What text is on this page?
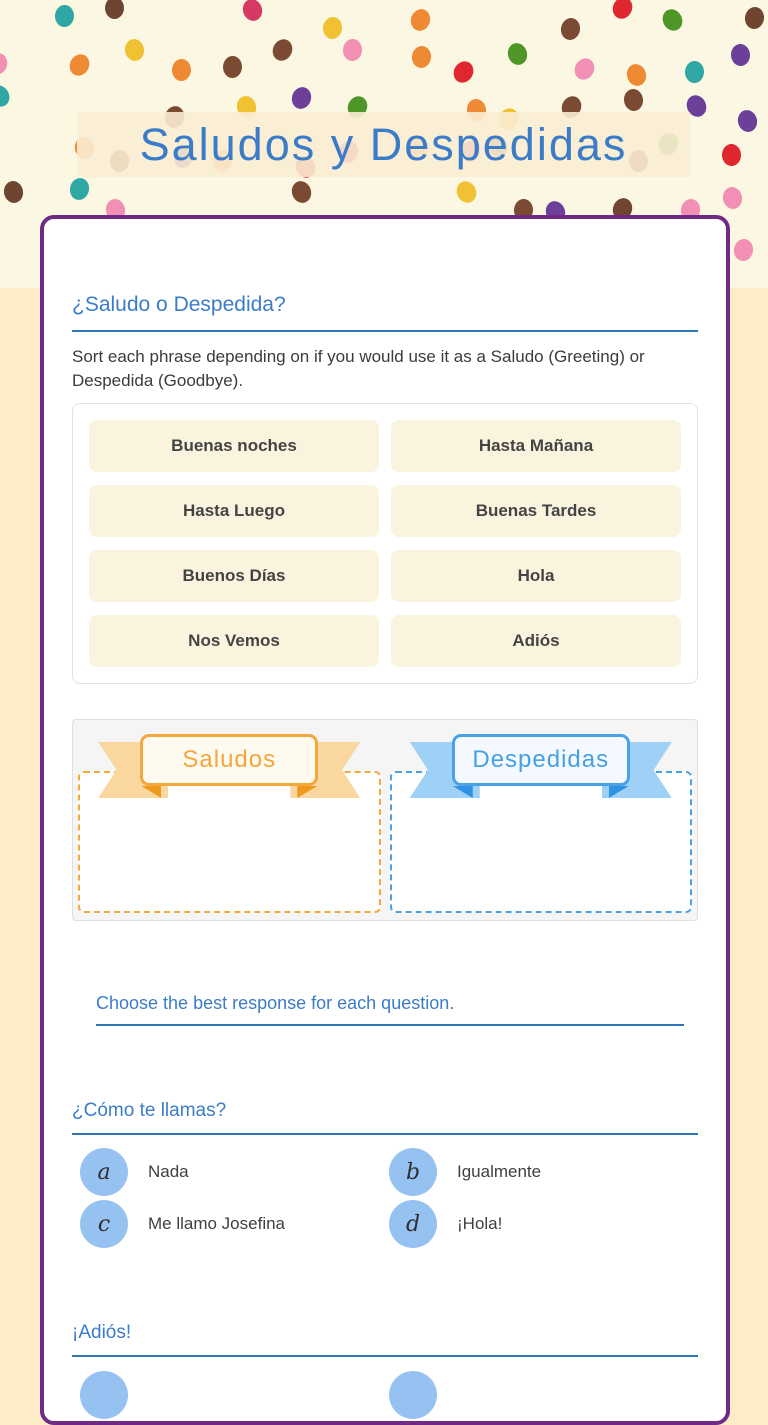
Saludos y Despedidas
¿Saludo o Despedida?

Sort each phrase depending on if you would use it as a Saludo (Greeting) or Despedida (Goodbye).

Buenas noches	Hasta Mañana
Hasta Luego	Buenas Tardes
Buenos Días	Hola
Nos Vemos	Adiós
Saludos	Despedidas
Choose the best response for each question.
¿Cómo te llamas?
a	Nada	b	Igualmente
c	Me llamo Josefina	d	¡Hola!
¡Adiós!
